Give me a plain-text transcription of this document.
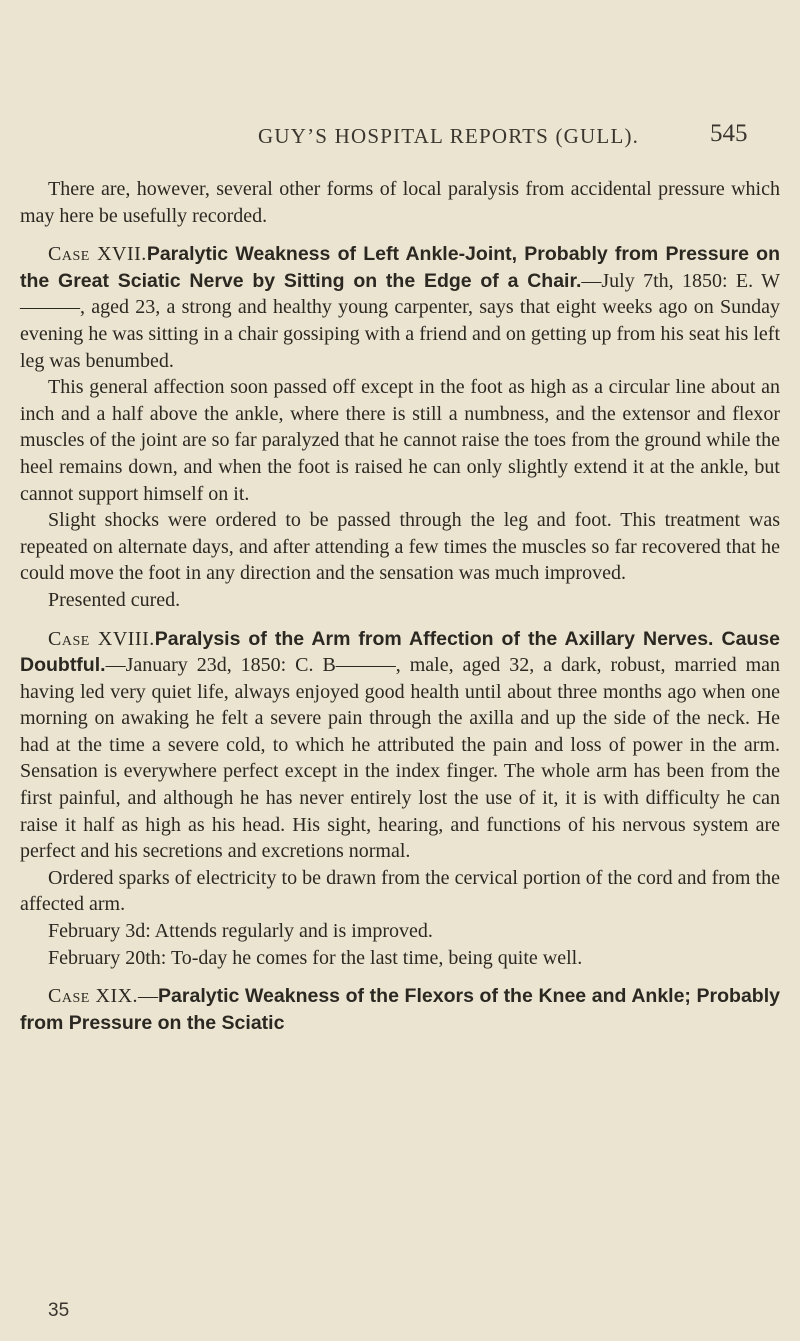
GUY’S HOSPITAL REPORTS (GULL).	545

There are, however, several other forms of local paralysis from accidental pressure which may here be usefully recorded.

Case XVII.Paralytic Weakness of Left Ankle-Joint, Probably from Pressure on the Great Sciatic Nerve by Sitting on the Edge of a Chair.—July 7th, 1850: E. W———, aged 23, a strong and healthy young carpenter, says that eight weeks ago on Sunday evening he was sitting in a chair gossiping with a friend and on getting up from his seat his left leg was benumbed.

This general affection soon passed off except in the foot as high as a circular line about an inch and a half above the ankle, where there is still a numbness, and the extensor and flexor muscles of the joint are so far paralyzed that he cannot raise the toes from the ground while the heel remains down, and when the foot is raised he can only slightly extend it at the ankle, but cannot support himself on it.

Slight shocks were ordered to be passed through the leg and foot. This treatment was repeated on alternate days, and after attending a few times the muscles so far recovered that he could move the foot in any direction and the sensation was much improved.

Presented cured.

Case XVIII.Paralysis of the Arm from Affection of the Axillary Nerves. Cause Doubtful.—January 23d, 1850: C. B———, male, aged 32, a dark, robust, married man having led very quiet life, always enjoyed good health until about three months ago when one morning on awaking he felt a severe pain through the axilla and up the side of the neck. He had at the time a severe cold, to which he attributed the pain and loss of power in the arm. Sensation is everywhere perfect except in the index finger. The whole arm has been from the first painful, and although he has never entirely lost the use of it, it is with difficulty he can raise it half as high as his head. His sight, hearing, and functions of his nervous system are perfect and his secretions and excretions normal.

Ordered sparks of electricity to be drawn from the cervical portion of the cord and from the affected arm.

February 3d: Attends regularly and is improved.

February 20th: To-day he comes for the last time, being quite well.

Case XIX.—Paralytic Weakness of the Flexors of the Knee and Ankle; Probably from Pressure on the Sciatic

35
